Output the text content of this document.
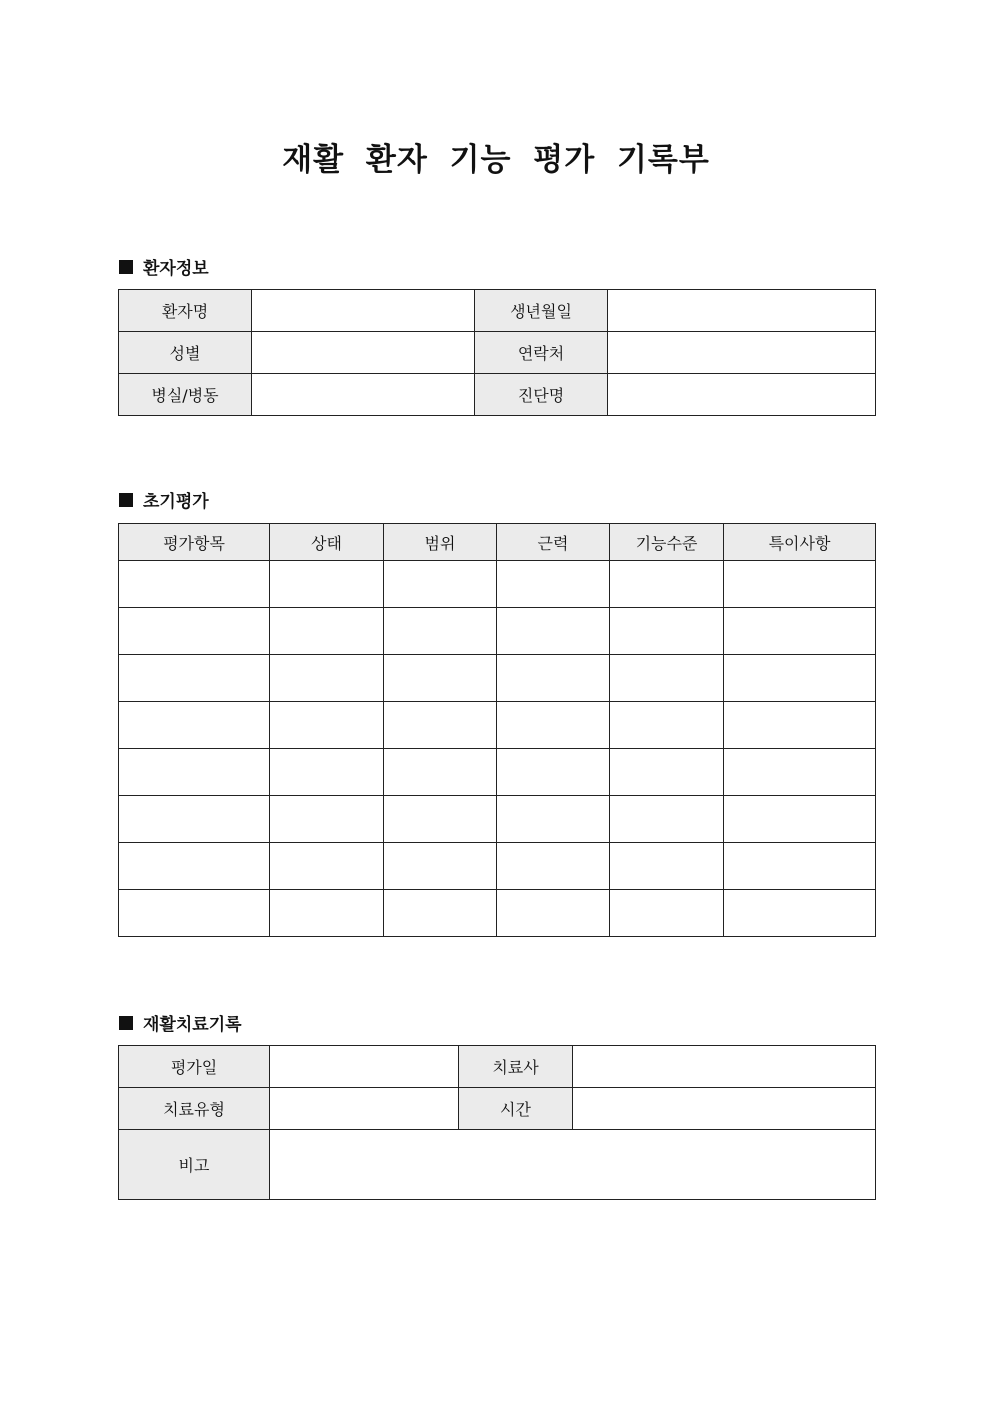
재활 환자 기능 평가 기록부
환자정보
환자명		생년월일	
성별		연락처	
병실/병동		진단명	
초기평가
평가항목	상태	범위	근력	기능수준	특이사항

재활치료기록
평가일		치료사	
치료유형		시간	
비고			
